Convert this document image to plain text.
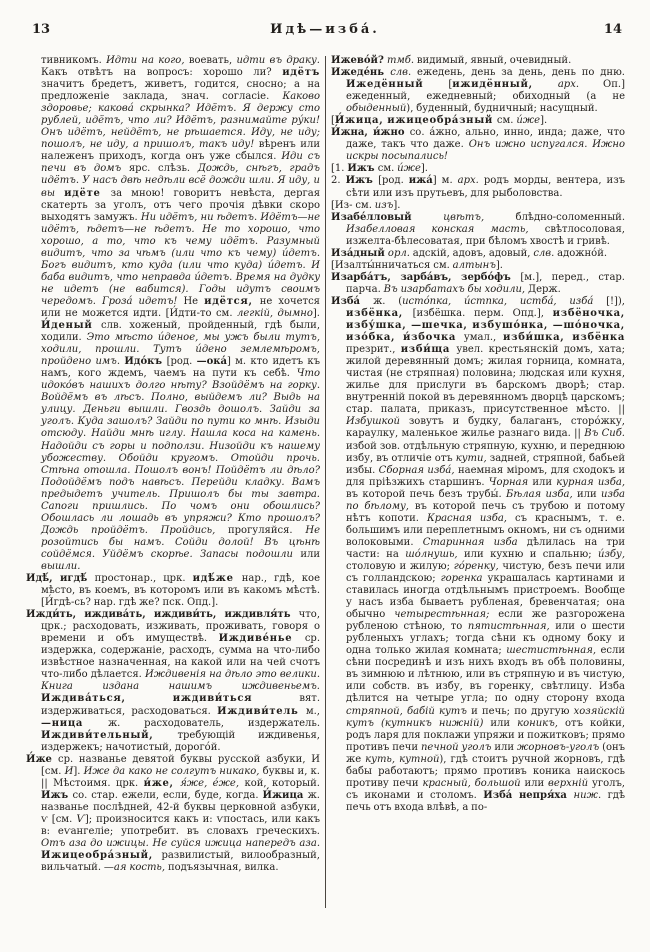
13	Идѣ—изба́.	14

тивникомъ. Идти на кого, воевать, идти въ драку. Какъ отвѣтъ на вопросъ: хорошо ли? идётъ значитъ бредетъ, живетъ, годится, сносно; а на предложеніе заклада, знач. согласіе. Каково здоровье; какова́ скрынка? Идётъ. Я держу сто рублей, идётъ, что ли? Идётъ, разнимайте ру́ки! Онъ идётъ, нейдётъ, не рѣшается. Иду, не иду; пошолъ, не иду, а пришолъ, такъ иду! вѣренъ или належенъ приходъ, когда онъ уже сбылся. Иди съ печи въ домъ ярс. слѣзь. Дождь, снѣгъ, градъ идётъ. У насъ двѣ недѣли всё дожди шли. Я иду, и вы идёте за мною! говоритъ невѣста, дергая скатерть за уголъ, отъ чего прочія дѣвки скоро выходятъ замужъ. Ни идётъ, ни ѣдетъ. Идётъ—не идётъ, ѣдетъ—не ѣдетъ. Не то хорошо, что хорошо, а то, что къ чему идётъ. Разумный видитъ, что за чѣмъ (или что къ чему) и́детъ. Богъ видитъ, кто куда (или что куда) и́детъ. И баба видитъ, что неправда и́детъ. Время на дудку не идетъ (не вабится). Годы идутъ своимъ чередомъ. Гроза́ идетъ! Не идётся, не хочется или не можется идти. [И́дти-то см. легкій, дымно]. И́деный слв. хоженый, пройденный, гдѣ были, ходили. Это мѣсто и́деное, мы ужъ были тутъ, ходили, прошли. Тутъ и́дено землемѣромъ, пройдено имъ. Идо́къ [род. —ока́] м. кто идетъ къ намъ, кого ждемъ, чаемъ на пути къ себѣ. Что идоко́въ нашихъ долго нѣту? Взойдёмъ на горку. Войдёмъ въ лѣсъ. Полно, выйдемъ ли? Выдь на улицу. Деньги вышли. Гвоздь дошолъ. Зайди за уголъ. Куда зашолъ? Зайди по пути ко мнѣ. Изыди отсюду. Найди мнѣ иглу. Нашла коса на камень. Надойди съ горы и подползи. Низойди къ нашему убожеству. Обойди кругомъ. Отойди прочь. Стѣна отошла. Пошолъ вонъ! Пойдётъ ли дѣло? Подойдёмъ подъ навѣсъ. Перейди кладку. Вамъ предыдетъ учитель. Пришолъ бы ты завтра. Сапоги пришлись. По чомъ они обошлись? Обошлась ли лошадь въ упряжи? Кто прошолъ? Дождь пройдётъ. Пройдись, прогуляйся. Не розойтись бы намъ. Сойди долой! Въ цѣнѣ сойдёмся. Уйдёмъ скорѣе. Запасы подошли или вышли.

Идѣ́, игдѣ́ простонар., црк. идѣ́же нар., гдѣ, кое мѣсто, въ коемъ, въ которомъ или въ какомъ мѣстѣ. [И́гдѣ-сь? нар. гдѣ же? пск. Опд.].

Ижди́ть, иждива́ть, иждиви́ть, иждивля́ть что, црк.; расходовать, изживать, проживать, говоря о времени и объ имуществѣ. Иждиве́нье ср. издержка, содержаніе, расходъ, сумма на что-либо извѣстное назначенная, на какой или на чей счотъ что-либо дѣлается. Иждивенія на дѣло это велики. Книга издана нашимъ иждивеньемъ. Иждива́ться, иждиви́ться вят. издерживаться, расходоваться. Иждиви́тель м., —ница ж. расходователь, издержатель. Иждиви́тельный, требующій иждивенья, издержекъ; начотистый, дорого́й.

И́же ср. названье девятой буквы русской азбуки, И [см. И]. Иже да како не солгутъ никако, буквы и, к. || Мѣстоимя. црк. и́же, я́же, е́же, кой, который. Ижъ со. стар. ежели, если, буде, когда. И́жица ж. названье послѣдней, 42-й буквы церковной азбуки, ѵ [см. Ѵ]; произносится какъ и: ѵпостась, или какъ в: еѵангеліе; употребит. въ словахъ греческихъ. Отъ аза до ижицы. Не суйся ижица напередъ аза. Ижицеобра́зный, развилистый, вилообразный, вильчатый. —ая кость, подъязычная, вилка.

Ижево́й? тмб. видимый, явный, очевидный.

Ижеде́нь слв. ежедень, день за день, день по дню. Ижедённый [ижидённый, арх. Оп.] ежеденный, ежедневный; обиходный (а не обыденный), буденный, будничный; насущный.

[И́жица, ижицеобра́зный см. и́же].

И́жна, и́жно со. а́жно, ально, инно, инда; даже, что даже, такъ что даже. Онъ ижно испугался. Ижно искры посыпались!

[1. Ижъ см. и́же].

2. Ижъ [род. ижа́] м. арх. родъ морды, вентера, изъ сѣти или изъ прутьевъ, для рыболовства.

[Из- см. изъ].

Изабе́лловый цвѣтъ, блѣдно-соломенный. Изабелловая конская масть, свѣтлосоловая, изжелта-бѣлесоватая, при бѣломъ хвостѣ и гривѣ.

Иза́дный орл. адскій, адовъ, адовый, слв. адожно́й.

[Изалты́нничаться см. алтынъ].

Изарба́тъ, зарба́въ, зербо́фъ [м.], перед., стар. парча. Въ изарбатахъ бы ходили, Держ.

Изба́ ж. (исто́пка, и́стпка, истба́, изба́ [!]), избёнка, [избёшка. перм. Опд.], избёночка, избу́шка, —шечка, избушо́нка, —шо́ночка, изо́бка, и́збочка умал., изби́шка, избёнка презрит., изби́ща увел. крестьянскій домъ, хата; жилой деревянный домъ; жилая горница, комната, чистая (не стряпная) половина; людская или кухня, жилье для прислуги въ барскомъ дворѣ; стар. внутренній покой въ деревянномъ дворцѣ царскомъ; стар. палата, приказъ, присутственное мѣсто. || Избушкой зовутъ и будку, балаганъ, сторо́жку, караулку, маленькое жилье разнаго вида. || Въ Сиб. избой зов. отдѣльную стряпную, кухню, и переднюю избу, въ отличіе отъ кути, задней, стряпной, бабьей избы. Сборная изба́, наемная міромъ, для сходокъ и для пріѣзжихъ старшинъ. Чорная или курная изба, въ которой печь безъ трубы́. Бѣлая изба, или изба по бѣлому, въ которой печь съ трубою и потому нѣтъ копоти. Красная изба, съ краснымъ, т. е. большимъ или переплетнымъ окномъ, ни съ одними волоковыми. Старинная изба дѣлилась на три части: на шо́лнушь, или кухню и спальню; и́збу, столовую и жилую; го́ренку, чистую, безъ печи или съ голландскою; горенка украшалась картинами и ставилась иногда отдѣльнымъ пристроемъ. Вообще у насъ изба бываетъ рубленая, бревенчатая; она обычно четырестѣнная; если же разгорожена рубленою стѣною, то пятистѣнная, или о шести рубленыхъ углахъ; тогда сѣни къ одному боку и одна только жилая комната; шестистѣнная, если сѣни посрединѣ и изъ нихъ входъ въ обѣ половины, въ зимнюю и лѣтнюю, или въ стряпную и въ чистую, или собств. въ избу, въ горенку, свѣтлицу. Изба дѣлится на четыре угла; по одну сторону входа стряпной, бабій кутъ и печь; по другую хозяйскій кутъ (кутникъ нижній) или коникъ, отъ койки, родъ ларя для поклажи упряжи и пожитковъ; прямо противъ печи печной уголъ или жорновъ-уголъ (онъ же куть, кутной), гдѣ стоитъ ручной жорновъ, гдѣ бабы работаютъ; прямо противъ коника наискось противу печи красный, большой или верхній уголъ, съ иконами и столомъ. Изба́ непря́ха ниж. гдѣ печь отъ входа влѣвѣ, а по-
